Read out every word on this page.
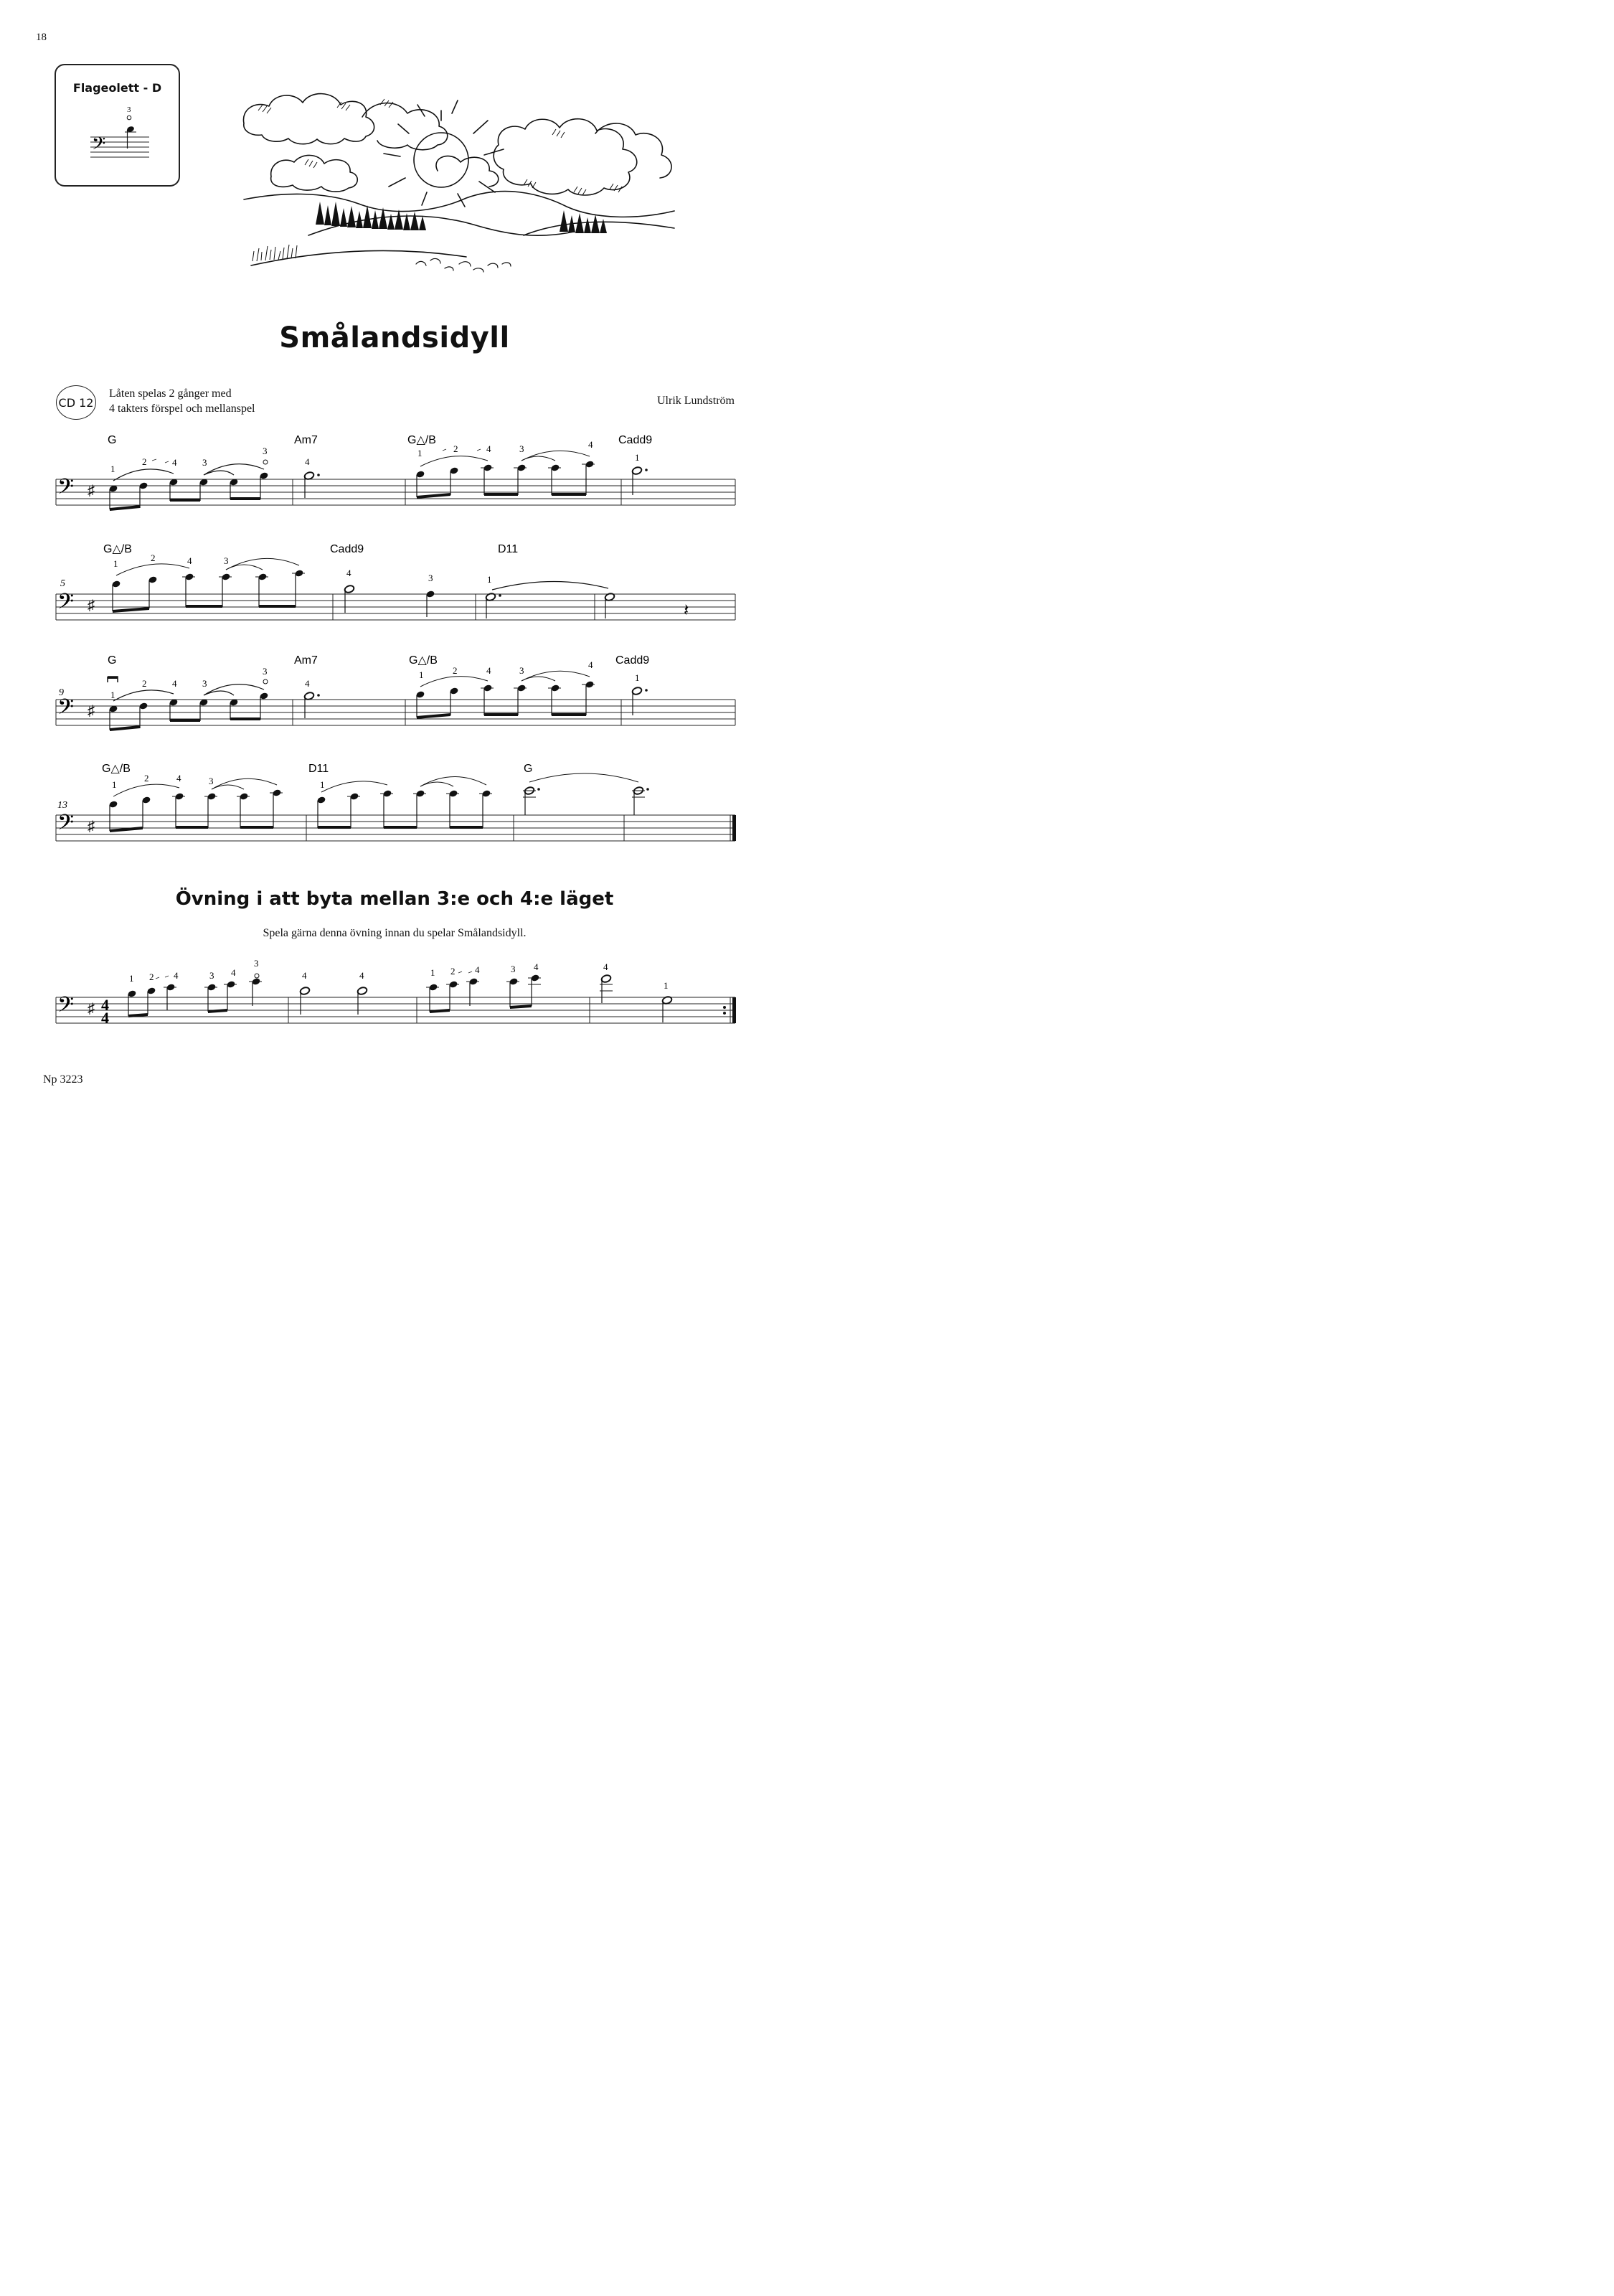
18
Np 3223
Flageolett - D
𝄢
3
Smålandsidyll
CD 12
Låten spelas 2 gånger med
4 takters förspel och mellanspel
Ulrik Lundström
𝄢 ♯
G	Am7	G△/B	Cadd9
1
2	4	3
3
4
1	2	4	3	4
1
5
𝄢 ♯
G△/B	Cadd9	D11
1
2	4	3
4	3	1
𝄽
9
𝄢 ♯
G	Am7	G△/B	Cadd9
1
2	4	3
3
4
1	2	4	3
4
1
13
𝄢 ♯
G△/B	D11	G
1
2	4	3	1
Övning i att byta mellan 3:e och 4:e läget
Spela gärna denna övning innan du spelar Smålandsidyll.
𝄢 ♯ 4
4
1 2 4	3 4
3
4	4	1 2 4	3 4	4
1
